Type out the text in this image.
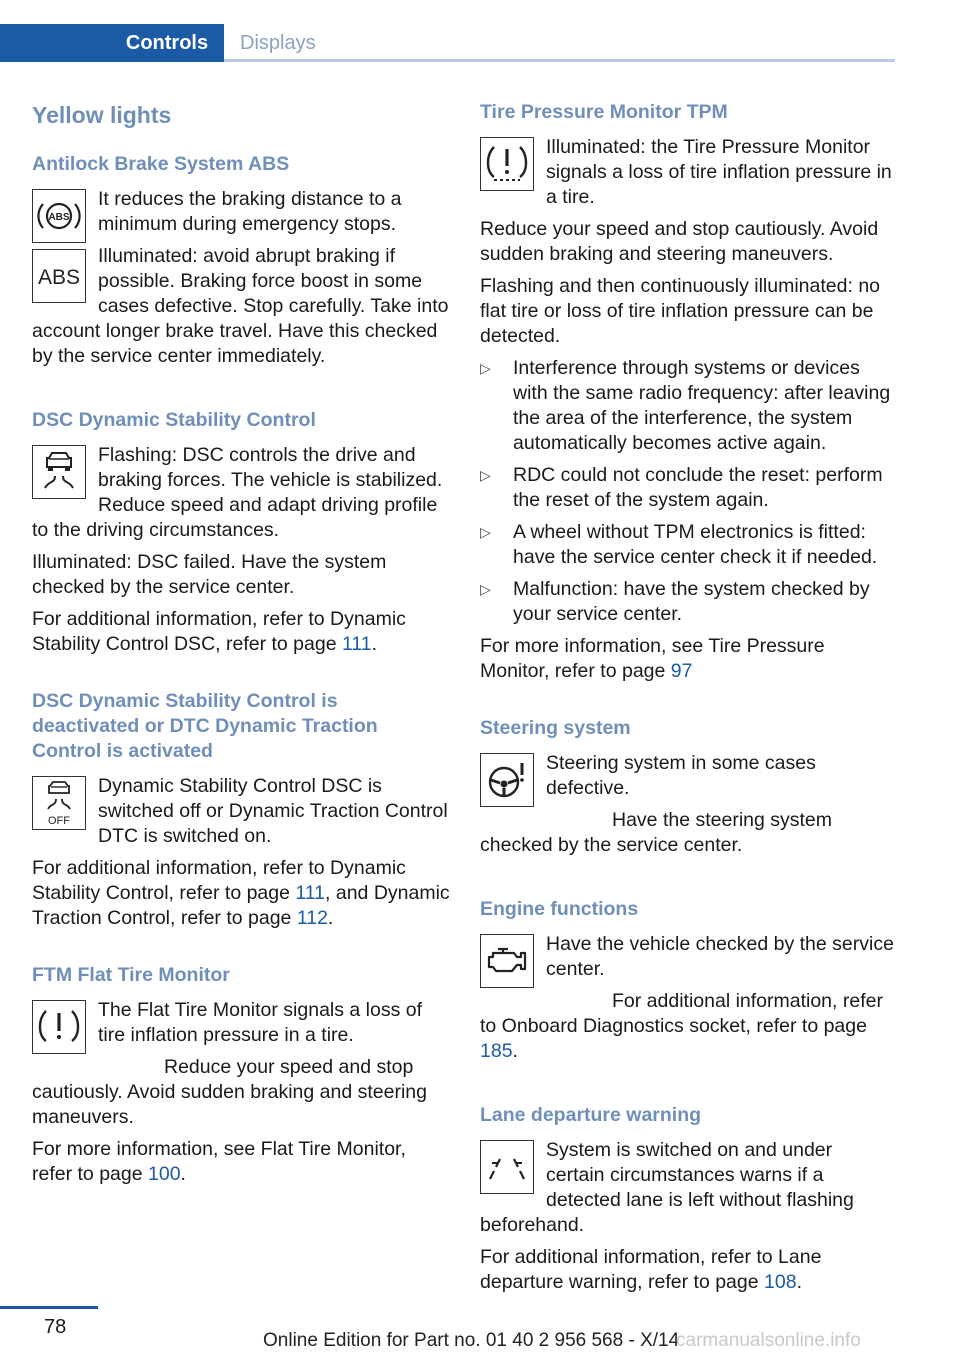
Controls	Displays
Yellow lights
Antilock Brake System ABS
ABS

It reduces the braking distance to a minimum during emergency stops.

ABS

Illuminated: avoid abrupt braking if possible. Braking force boost in some cases defective. Stop carefully. Take into account longer brake travel. Have this checked by the service center immediately.

DSC Dynamic Stability Control

Flashing: DSC controls the drive and braking forces. The vehicle is stabilized. Reduce speed and adapt driving profile to the driving circumstances.

Illuminated: DSC failed. Have the system checked by the service center.

For additional information, refer to Dynamic Stability Control DSC, refer to page 111.

DSC Dynamic Stability Control is deactivated or DTC Dynamic Traction Control is activated
OFF

Dynamic Stability Control DSC is switched off or Dynamic Traction Control DTC is switched on.

For additional information, refer to Dynamic Stability Control, refer to page 111, and Dynamic Traction Control, refer to page 112.

FTM Flat Tire Monitor

The Flat Tire Monitor signals a loss of tire inflation pressure in a tire.

Reduce your speed and stop cautiously. Avoid sudden braking and steering maneuvers.

For more information, see Flat Tire Monitor, refer to page 100.

Tire Pressure Monitor TPM

Illuminated: the Tire Pressure Monitor signals a loss of tire inflation pressure in a tire.

Reduce your speed and stop cautiously. Avoid sudden braking and steering maneuvers.

Flashing and then continuously illuminated: no flat tire or loss of tire inflation pressure can be detected.

▷ Interference through systems or devices with the same radio frequency: after leaving the area of the interference, the system automatically becomes active again.
▷ RDC could not conclude the reset: perform the reset of the system again.
▷ A wheel without TPM electronics is fitted: have the service center check it if needed.
▷ Malfunction: have the system checked by your service center.

For more information, see Tire Pressure Monitor, refer to page 97

Steering system

Steering system in some cases defective.

Have the steering system checked by the service center.

Engine functions

Have the vehicle checked by the service center.

For additional information, refer to Onboard Diagnostics socket, refer to page 185.

Lane departure warning

System is switched on and under certain circumstances warns if a detected lane is left without flashing beforehand.

For additional information, refer to Lane departure warning, refer to page 108.

78
Online Edition for Part no. 01 40 2 956 568 - X/14
carmanualsonline.info
